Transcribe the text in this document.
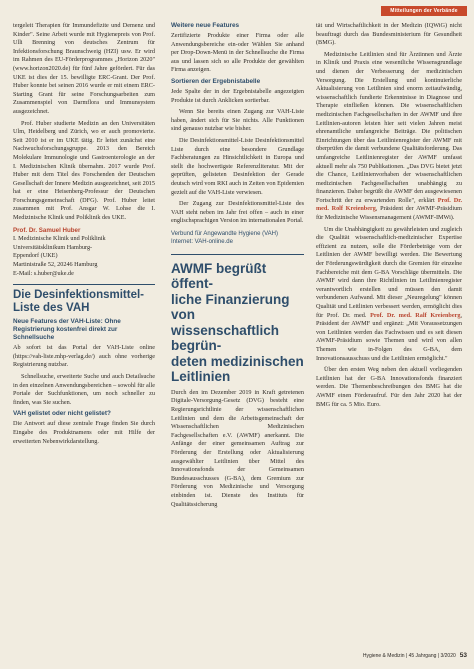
Mitteilungen der Verbände

tergeleit Therapien für Immundefizite und Demenz und Kinder". Seine Arbeit wurde mit Hygienepreis von Prof. Ulli Brenning von deutsches Zentrum für Infektionsforschung Braunschweig (HZI) usw. Er wird im Rahmen des EU-Förderprogrammes „Horizon 2020" (www.horizon2020.de) für fünf Jahre gefördert. Für das UKE ist dies der 15. bewilligte ERC-Grant. Der Prof. Huber konnte bei seinen 2016 wurde er mit einem ERC-Starting Grant für seine Forschungsarbeiten zum Zusammenspiel von Darmflora und Immunsystem ausgezeichnet.

Prof. Huber studierte Medizin an den Universitäten Ulm, Heidelberg und Zürich, wo er auch promovierte. Seit 2010 ist er im UKE tätig. Er leitet zunächst eine Nachwuchsforschungsgruppe. 2013 den Bereich Molekulare Immunologie und Gastroenterologie an der I. Medizinischen Klinik übernahm. 2017 wurde Prof. Huber mit dem Titel des Forschenden der Deutschen Gesellschaft der Innere Medizin ausgezeichnet, seit 2015 hat er eine Heisenberg-Professur der Deutschen Forschungsgemeinschaft (DFG). Prof. Huber leitet zusammen mit Prof. Ansgar W. Lohse die I. Medizinische Klinik und Poliklinik des UKE.

Prof. Dr. Samuel Huber
I. Medizinische Klinik und Poliklinik
Universitätsklinikum Hamburg-
Eppendorf (UKE)
Martinistraße 52, 20246 Hamburg
E-Mail: s.huber@uke.de
Die Desinfektionsmittel-
Liste des VAH
Neue Features der VAH-Liste: Ohne Registrierung kostenfrei direkt zur Schnellsuche

Ab sofort ist das Portal der VAH-Liste online (https://vah-liste.mhp-verlag.de/) auch ohne vorherige Registrierung nutzbar.

Schnellsuche, erweiterte Suche und auch Detailsuche in den einzelnen Anwendungsbereichen – sowohl für alle Portale der Suchfunktionen, um noch schneller zu finden, was Sie suchen.

VAH gelistet oder nicht gelistet?

Die Antwort auf diese zentrale Frage finden Sie durch Eingabe des Produktnamens oder mit Hilfe der erweiterten Nebenwirkdarstellung.

Weitere neue Features

Zertifizierte Produkte einer Firma oder alle Anwendungsbereiche ein-oder Wählen Sie anhand per Drop-Down-Menü in der Schnellsuche die Firma aus und lassen sich so alle Produkte der gewählten Firma anzeigen.

Sortieren der Ergebnistabelle

Jede Spalte der in der Ergebnistabelle angezeigten Produkte ist durch Anklicken sortierbar.

Wenn Sie bereits einen Zugang zur VAH-Liste haben, ändert sich für Sie nichts. Alle Funktionen sind genauso nutzbar wie bisher.

Die Desinfektionsmittel-Liste Desinfektionsmittel Liste durch eine besondere Grundlage Fachberatungen zu Hinsichtlichkeit in Europa und stellt die hochwertigste Referenzliteratur. Mit der geprüften, gelisteten Desinfektion der Gerade deutsch wird vom RKI auch in Zeiten von Epidemien gezielt auf die VAH-Liste verwiesen.

Der Zugang zur Desinfektionsmittel-Liste des VAH steht neben im Jahr frei offen – auch in einer englischsprachigen Version im internationalen Portal.

Verbund für Angewandte Hygiene (VAH)
Internet: VAH-online.de
AWMF begrüßt öffent-
liche Finanzierung von
wissenschaftlich begrün-
deten medizinischen
Leitlinien

Durch den im Dezember 2019 in Kraft getretenen Digitale-Versorgung-Gesetz (DVG) besteht eine Regierungsrichtlinie der wissenschaftlichen Leitlinien und dem die Arbeitsgemeinschaft der Wissenschaftlichen Medizinischen Fachgesellschaften e.V. (AWMF) anerkannt. Die Anfänge der einer gemeinsamen Auftrag zur Förderung der Erstellung oder Aktualisierung ausgewählter Leitlinien über Mittel des Innovationsfonds der Gemeinsamen Bundesausschusses (G-BA), dem Gremium zur Förderung von Medizinische und Versorgung einbinden ist. Dienste des Instituts für Qualitätssicherung

tät und Wirtschaftlichkeit in der Medizin (IQWiG) nicht beauftragt durch das Bundesministerium für Gesundheit (BMG).

Medizinische Leitlinien sind für Ärztinnen und Ärzte in Klinik und Praxis eine wesentliche Wissensgrundlage und dienen der Verbesserung der medizinischen Versorgung. Die Erstellung und kontinuierliche Aktualisierung von Leitlinien sind enorm zeitaufwändig, wissenschaftlich fundierte Erkenntnisse in Diagnose und Therapie einfließen können. Die wissenschaftlichen medizinischen Fachgesellschaften in der AWMF und ihre Leitlinien-autoren leisten hier seit vielen Jahren meist ehrenamtliche umfangreiche Beiträge. Die politischen Einrichtungen über das Leitlinienregister der AWMF mit überprüfen die damit verbundene Qualitätsforderung. Das umfangreiche Leitlinienregister der AWMF umfasst aktuell mehr als 750 Publikationen. „Das DVG bietet jetzt die Chance, Leitlinienvorhaben der wissenschaftlichen medizinischen Fachgesellschaften unabhängig zu finanzieren. Daher begrüßt die AWMF den ausgewiesenen Fortschritt der zu erwartenden Rolle", erklärt Prof. Dr. med. Rolf Kreienberg, Präsident der AWMF-Präsidium für Medizinische Wissensmanagement (AWMF-IMWi).

Um die Unabhängigkeit zu gewährleisten und zugleich die Qualität wissenschaftlich-medizinischer Expertise effizient zu nutzen, solle die Förderbeträge vom der Leitlinien der AWMF bewilligt werden. Die Bewertung der Förderungswürdigkeit durch die Gremien für einzelne Fachbereiche mit dem G-BA Vorschläge übermitteln. Die AWMF wird dann ihre Richtlinien im Leitlinienregister verantwortlich erstellen und müssen den damit verbundenen Aufwand. Mit dieser „Neuregelung" können Qualität und Leitlinien verbessert werden, ermöglicht dies für Prof. Dr. med. Prof. Dr. med. Ralf Kreienberg, Präsident der AWMF und ergänzt: „Mit Voraussetzungen von Leitlinien werden das Fachwissen und es seit diesen AWMF-Präsidium sowie Themen und wird von allen Themen wie in-Folgen des G-BA, dem Innovationsausschuss und die Leitlinien ermöglicht."

Über den ersten Weg neben den aktuell vorliegenden Leitlinien hat der G-BA Innovationsfonds finanziert werden. Die Themenbeschreibungen des BMG hat die AWMF einen Förderaufruf. Für den Jahr 2020 hat der BMG für ca. 5 Mio. Euro.

Hygiene & Medizin | 45 Jahrgang | 3/2020 53
